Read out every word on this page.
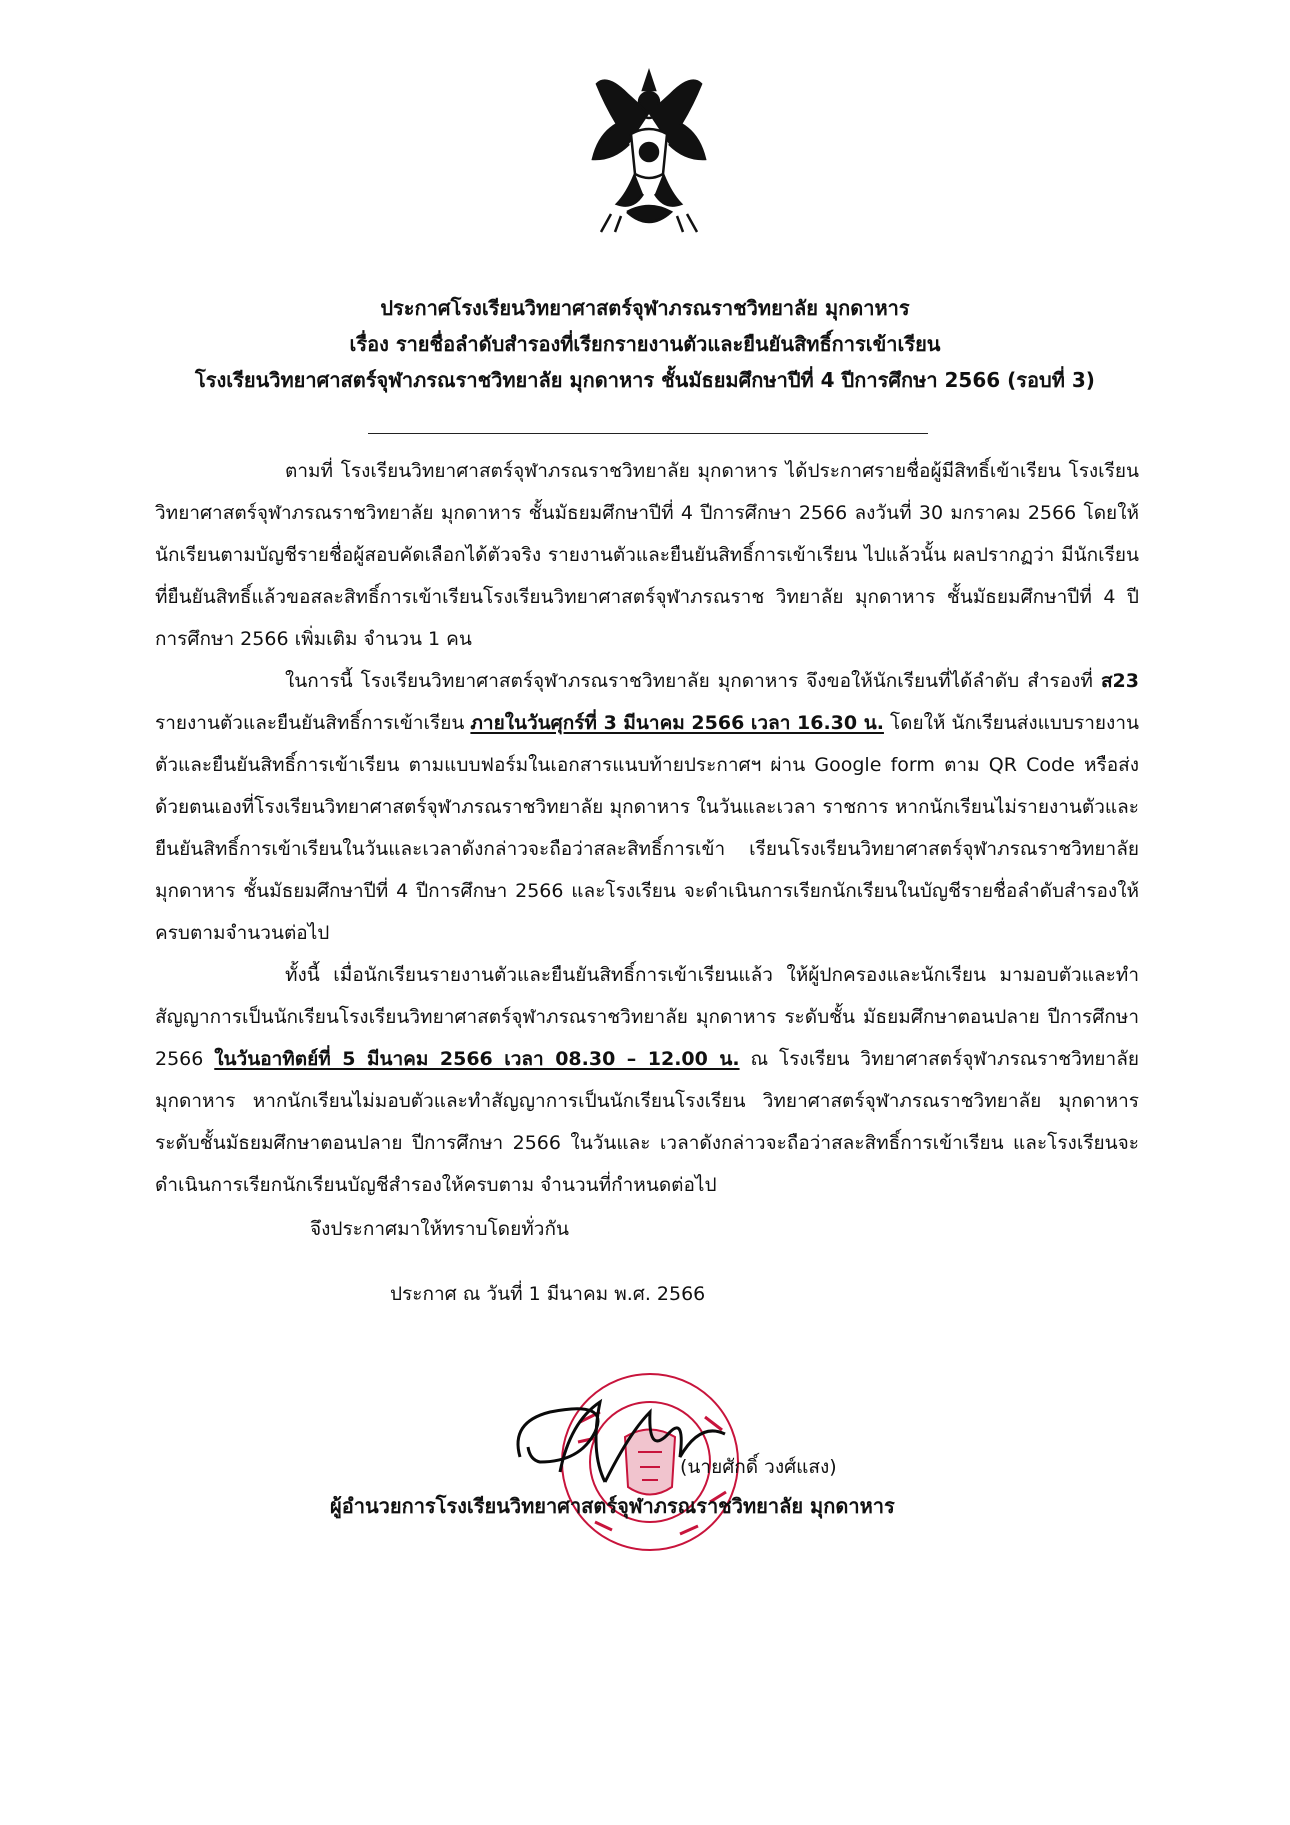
ประกาศโรงเรียนวิทยาศาสตร์จุฬาภรณราชวิทยาลัย มุกดาหาร
เรื่อง รายชื่อลำดับสำรองที่เรียกรายงานตัวและยืนยันสิทธิ์การเข้าเรียน
โรงเรียนวิทยาศาสตร์จุฬาภรณราชวิทยาลัย มุกดาหาร ชั้นมัธยมศึกษาปีที่ 4 ปีการศึกษา 2566 (รอบที่ 3)

ตามที่ โรงเรียนวิทยาศาสตร์จุฬาภรณราชวิทยาลัย มุกดาหาร ได้ประกาศรายชื่อผู้มีสิทธิ์เข้าเรียน โรงเรียนวิทยาศาสตร์จุฬาภรณราชวิทยาลัย มุกดาหาร ชั้นมัธยมศึกษาปีที่ 4 ปีการศึกษา 2566 ลงวันที่ 30 มกราคม 2566 โดยให้นักเรียนตามบัญชีรายชื่อผู้สอบคัดเลือกได้ตัวจริง รายงานตัวและยืนยันสิทธิ์การเข้าเรียน ไปแล้วนั้น ผลปรากฏว่า มีนักเรียนที่ยืนยันสิทธิ์แล้วขอสละสิทธิ์การเข้าเรียนโรงเรียนวิทยาศาสตร์จุฬาภรณราช วิทยาลัย มุกดาหาร ชั้นมัธยมศึกษาปีที่ 4 ปีการศึกษา 2566 เพิ่มเติม จำนวน 1 คน

ในการนี้ โรงเรียนวิทยาศาสตร์จุฬาภรณราชวิทยาลัย มุกดาหาร จึงขอให้นักเรียนที่ได้ลำดับ สำรองที่ ส23 รายงานตัวและยืนยันสิทธิ์การเข้าเรียน ภายในวันศุกร์ที่ 3 มีนาคม 2566 เวลา 16.30 น. โดยให้ นักเรียนส่งแบบรายงานตัวและยืนยันสิทธิ์การเข้าเรียน ตามแบบฟอร์มในเอกสารแนบท้ายประกาศฯ ผ่าน Google form ตาม QR Code หรือส่งด้วยตนเองที่โรงเรียนวิทยาศาสตร์จุฬาภรณราชวิทยาลัย มุกดาหาร ในวันและเวลา ราชการ หากนักเรียนไม่รายงานตัวและยืนยันสิทธิ์การเข้าเรียนในวันและเวลาดังกล่าวจะถือว่าสละสิทธิ์การเข้า เรียนโรงเรียนวิทยาศาสตร์จุฬาภรณราชวิทยาลัย มุกดาหาร ชั้นมัธยมศึกษาปีที่ 4 ปีการศึกษา 2566 และโรงเรียน จะดำเนินการเรียกนักเรียนในบัญชีรายชื่อลำดับสำรองให้ครบตามจำนวนต่อไป

ทั้งนี้ เมื่อนักเรียนรายงานตัวและยืนยันสิทธิ์การเข้าเรียนแล้ว ให้ผู้ปกครองและนักเรียน มามอบตัวและทำสัญญาการเป็นนักเรียนโรงเรียนวิทยาศาสตร์จุฬาภรณราชวิทยาลัย มุกดาหาร ระดับชั้น มัธยมศึกษาตอนปลาย ปีการศึกษา 2566 ในวันอาทิตย์ที่ 5 มีนาคม 2566 เวลา 08.30 – 12.00 น. ณ โรงเรียน วิทยาศาสตร์จุฬาภรณราชวิทยาลัย มุกดาหาร หากนักเรียนไม่มอบตัวและทำสัญญาการเป็นนักเรียนโรงเรียน วิทยาศาสตร์จุฬาภรณราชวิทยาลัย มุกดาหาร ระดับชั้นมัธยมศึกษาตอนปลาย ปีการศึกษา 2566 ในวันและ เวลาดังกล่าวจะถือว่าสละสิทธิ์การเข้าเรียน และโรงเรียนจะดำเนินการเรียกนักเรียนบัญชีสำรองให้ครบตาม จำนวนที่กำหนดต่อไป

จึงประกาศมาให้ทราบโดยทั่วกัน
ประกาศ ณ วันที่ 1 มีนาคม พ.ศ. 2566
(นายศักดิ์ วงศ์แสง)
ผู้อำนวยการโรงเรียนวิทยาศาสตร์จุฬาภรณราชวิทยาลัย มุกดาหาร
